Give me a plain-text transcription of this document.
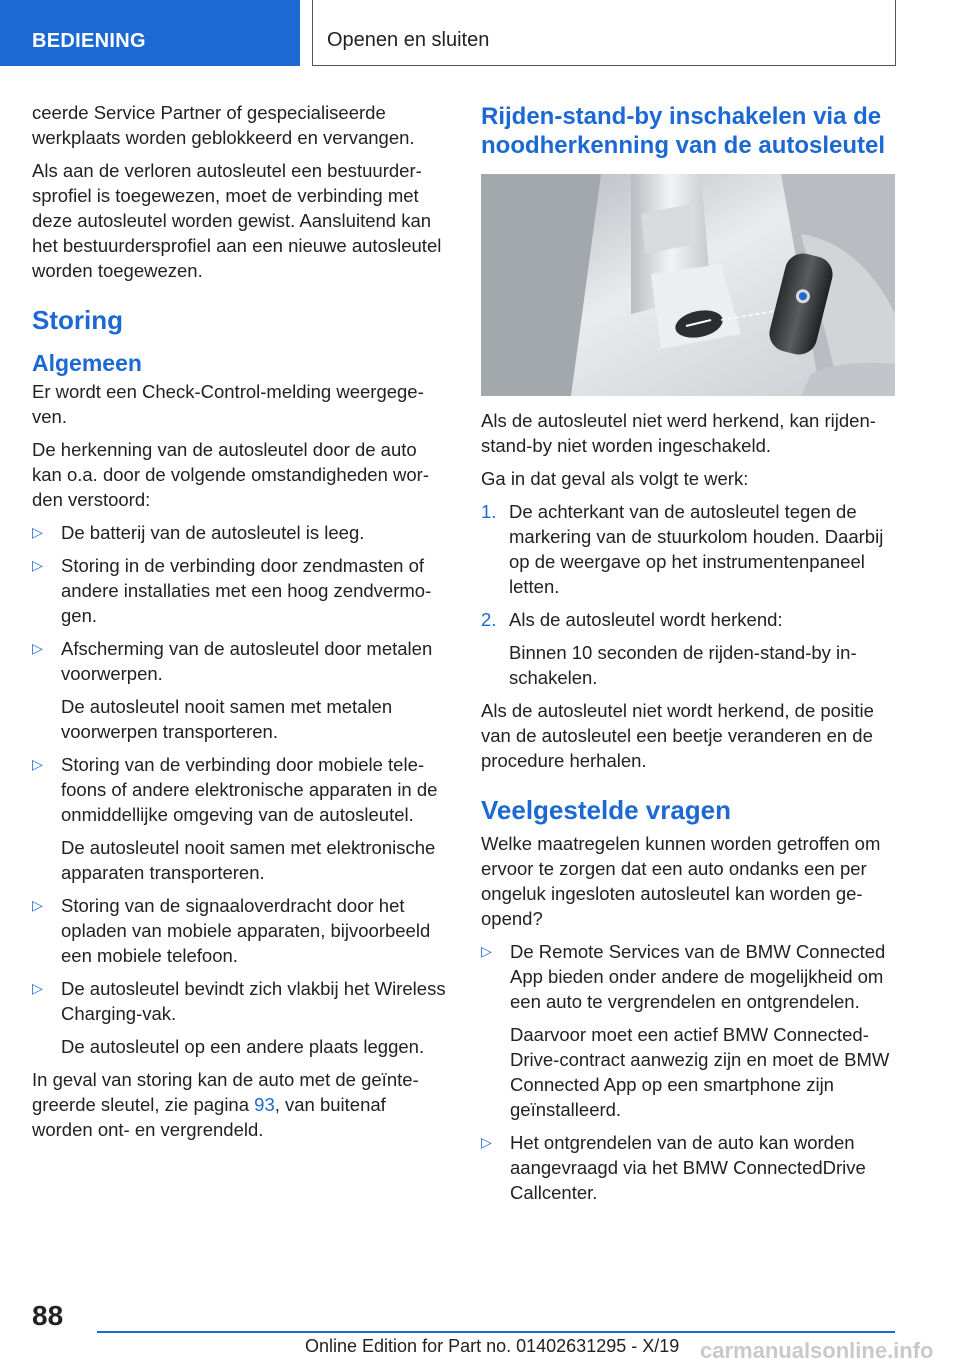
BEDIENING	Openen en sluiten

ceerde Service Partner of gespecialiseerde werkplaats worden geblokkeerd en vervangen.

Als aan de verloren autosleutel een bestuurdersprofiel is toegewezen, moet de verbinding met deze autosleutel worden gewist. Aansluitend kan het bestuurdersprofiel aan een nieuwe autosleutel worden toegewezen.

Storing
Algemeen

Er wordt een Check-Control-melding weergegeven.

De herkenning van de autosleutel door de auto kan o.a. door de volgende omstandigheden worden verstoord:

▷ De batterij van de autosleutel is leeg.
▷ Storing in de verbinding door zendmasten of andere installaties met een hoog zendvermogen.
▷ Afscherming van de autosleutel door metalen voorwerpen.
De autosleutel nooit samen met metalen voorwerpen transporteren.
▷ Storing van de verbinding door mobiele telefoons of andere elektronische apparaten in de onmiddellijke omgeving van de autosleutel.
De autosleutel nooit samen met elektronische apparaten transporteren.
▷ Storing van de signaaloverdracht door het opladen van mobiele apparaten, bijvoorbeeld een mobiele telefoon.
▷ De autosleutel bevindt zich vlakbij het Wireless Charging-vak.
De autosleutel op een andere plaats leggen.

In geval van storing kan de auto met de geïntegreerde sleutel, zie pagina 93, van buitenaf worden ont- en vergrendeld.

Rijden-stand-by inschakelen via de noodherkenning van de autosleutel

Als de autosleutel niet werd herkend, kan rijdenstand-by niet worden ingeschakeld.

Ga in dat geval als volgt te werk:

1. De achterkant van de autosleutel tegen de markering van de stuurkolom houden. Daarbij op de weergave op het instrumentenpaneel letten.
2. Als de autosleutel wordt herkend:
Binnen 10 seconden de rijden-stand-by inschakelen.

Als de autosleutel niet wordt herkend, de positie van de autosleutel een beetje veranderen en de procedure herhalen.

Veelgestelde vragen

Welke maatregelen kunnen worden getroffen om ervoor te zorgen dat een auto ondanks een per ongeluk ingesloten autosleutel kan worden geopend?

▷ De Remote Services van de BMW Connected App bieden onder andere de mogelijkheid om een auto te vergrendelen en ontgrendelen.
Daarvoor moet een actief BMW ConnectedDrive-contract aanwezig zijn en moet de BMW Connected App op een smartphone zijn geïnstalleerd.
▷ Het ontgrendelen van de auto kan worden aangevraagd via het BMW ConnectedDrive Callcenter.
88
Online Edition for Part no. 01402631295 - X/19 carmanualsonline.info
